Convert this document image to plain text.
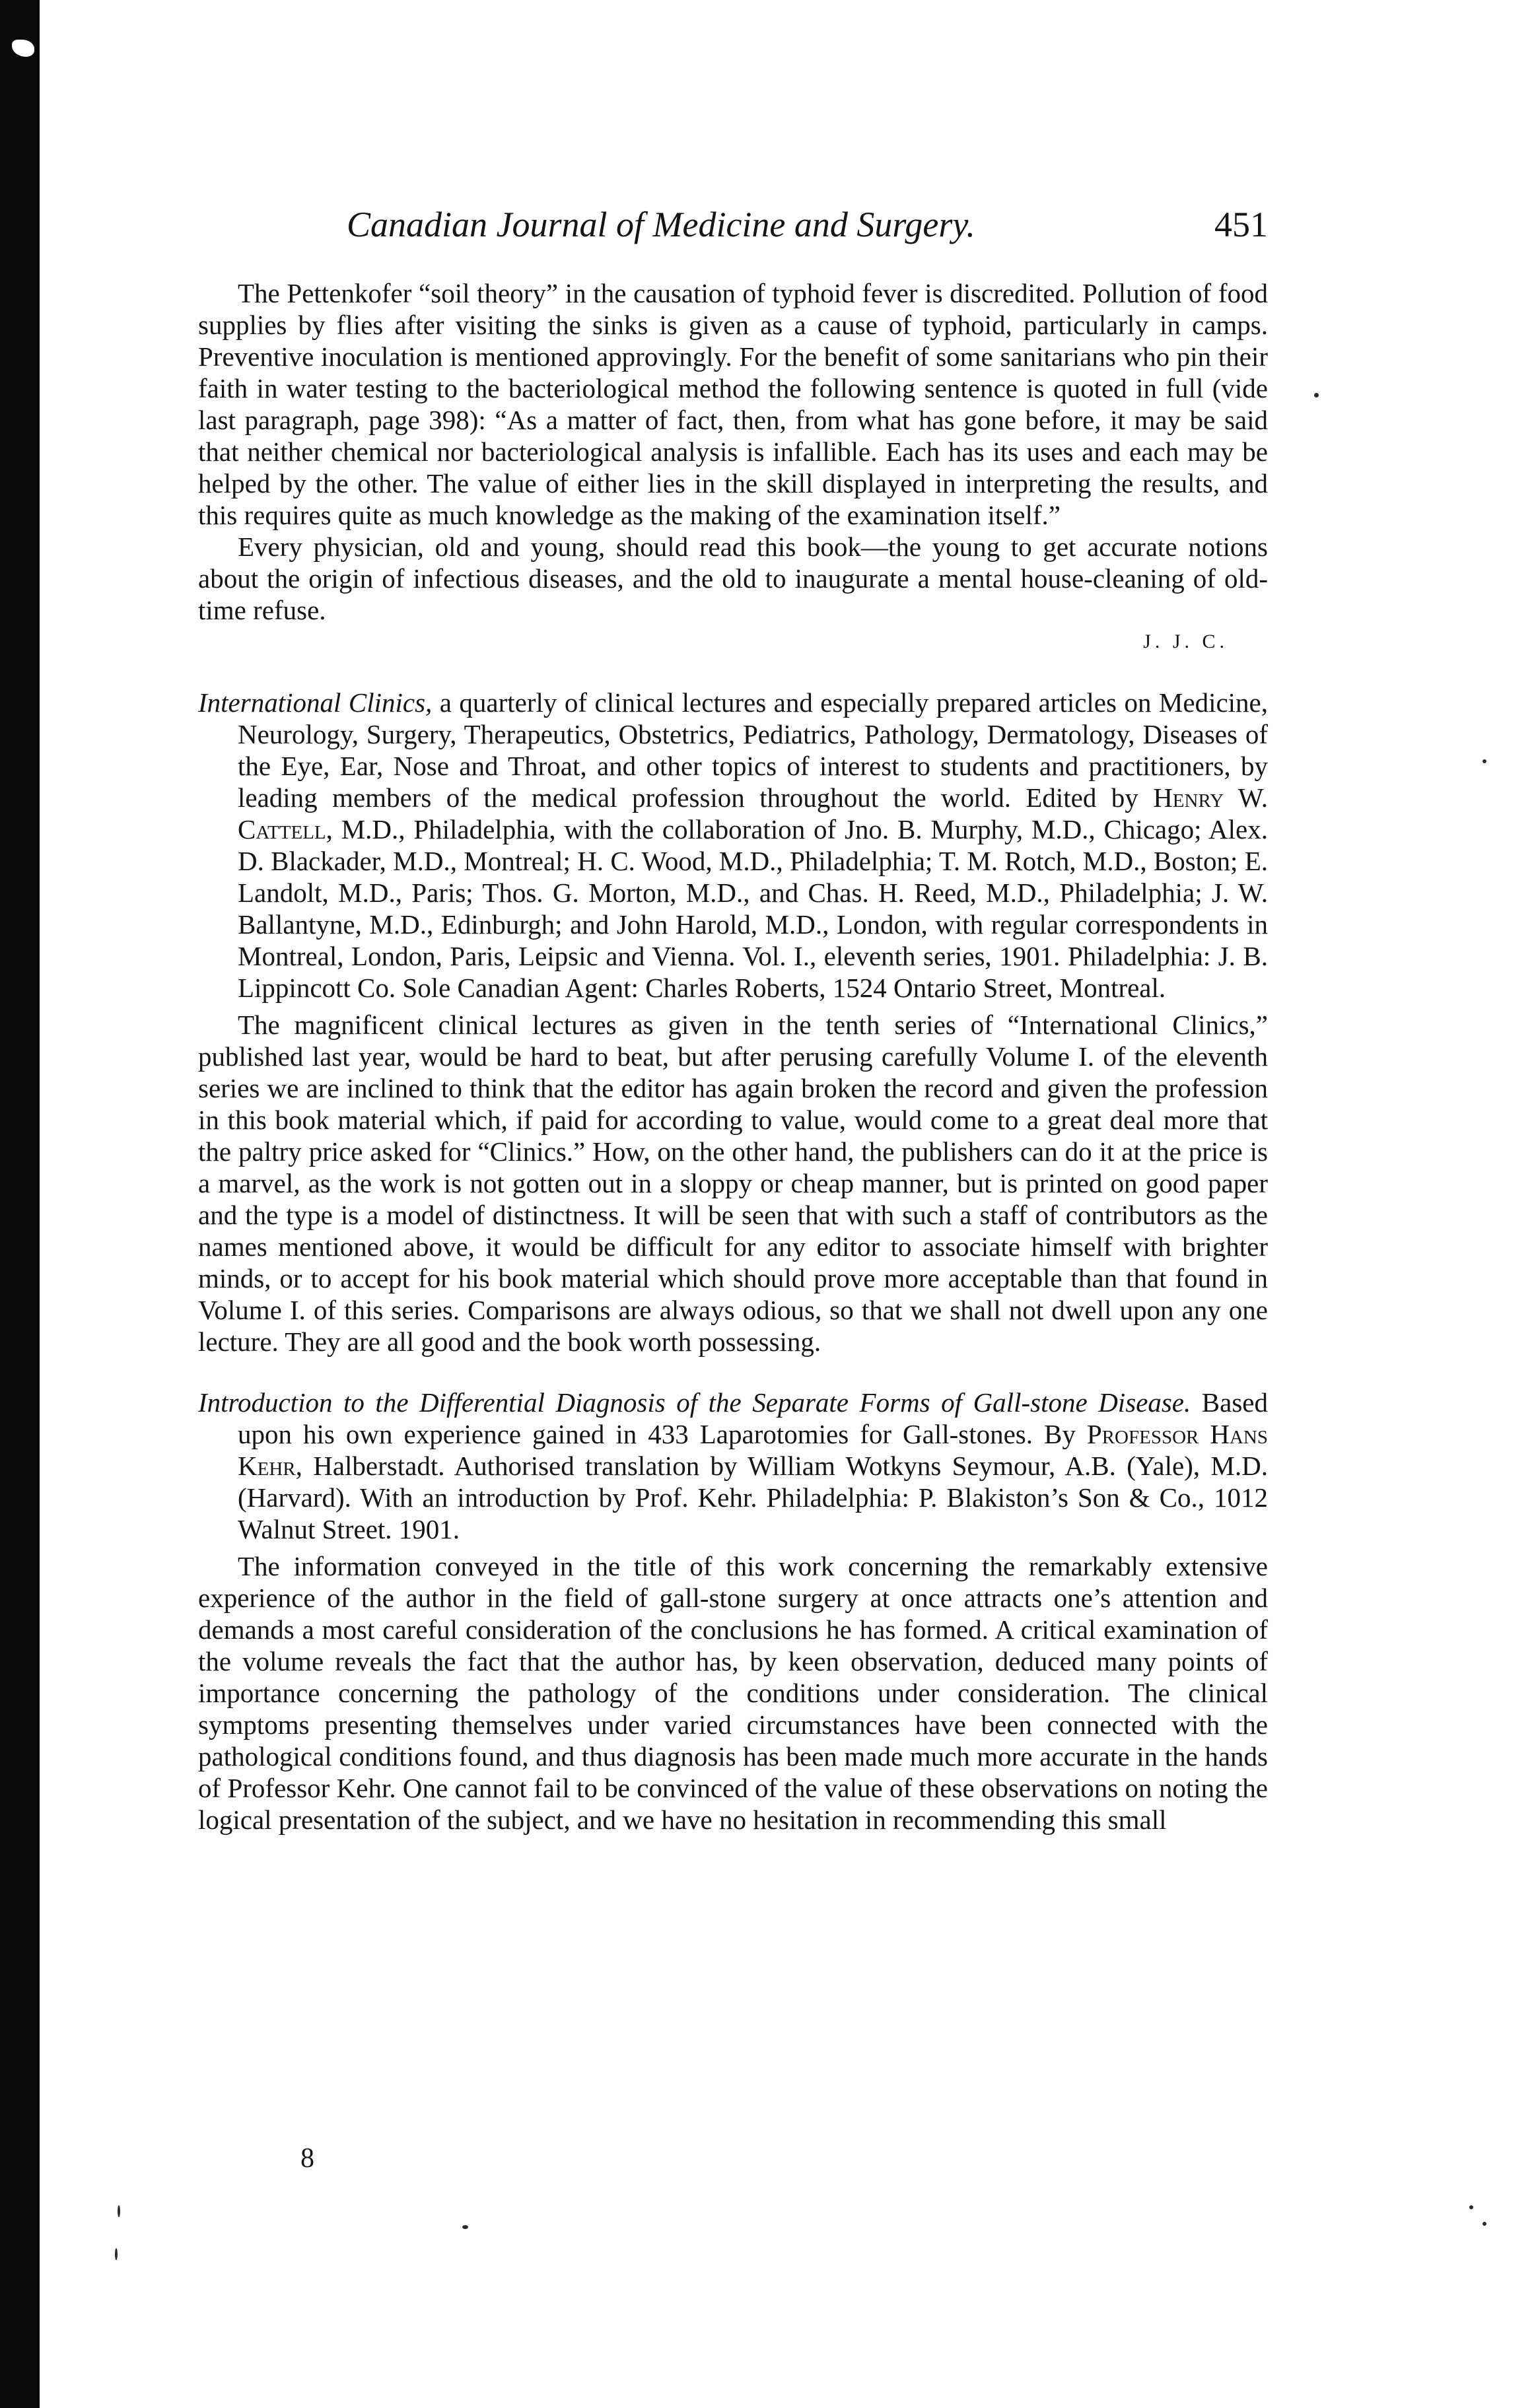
Canadian Journal of Medicine and Surgery.	451

The Pettenkofer “soil theory” in the causation of typhoid fever is discredited. Pollution of food supplies by flies after visiting the sinks is given as a cause of typhoid, particularly in camps. Preventive inoculation is mentioned approvingly. For the benefit of some sanitarians who pin their faith in water testing to the bacteriological method the following sentence is quoted in full (vide last paragraph, page 398): “As a matter of fact, then, from what has gone before, it may be said that neither chemical nor bacteriological analysis is infallible. Each has its uses and each may be helped by the other. The value of either lies in the skill displayed in interpreting the results, and this requires quite as much knowledge as the making of the examination itself.”

Every physician, old and young, should read this book—the young to get accurate notions about the origin of infectious diseases, and the old to inaugurate a mental house-cleaning of old-time refuse.

J. J. C.

International Clinics, a quarterly of clinical lectures and especially prepared articles on Medicine, Neurology, Surgery, Therapeutics, Obstetrics, Pediatrics, Pathology, Dermatology, Diseases of the Eye, Ear, Nose and Throat, and other topics of interest to students and practitioners, by leading members of the medical profession throughout the world. Edited by Henry W. Cattell, M.D., Philadelphia, with the collaboration of Jno. B. Murphy, M.D., Chicago; Alex. D. Blackader, M.D., Montreal; H. C. Wood, M.D., Philadelphia; T. M. Rotch, M.D., Boston; E. Landolt, M.D., Paris; Thos. G. Morton, M.D., and Chas. H. Reed, M.D., Philadelphia; J. W. Ballantyne, M.D., Edinburgh; and John Harold, M.D., London, with regular correspondents in Montreal, London, Paris, Leipsic and Vienna. Vol. I., eleventh series, 1901. Philadelphia: J. B. Lippincott Co. Sole Canadian Agent: Charles Roberts, 1524 Ontario Street, Montreal.

The magnificent clinical lectures as given in the tenth series of “International Clinics,” published last year, would be hard to beat, but after perusing carefully Volume I. of the eleventh series we are inclined to think that the editor has again broken the record and given the profession in this book material which, if paid for according to value, would come to a great deal more that the paltry price asked for “Clinics.” How, on the other hand, the publishers can do it at the price is a marvel, as the work is not gotten out in a sloppy or cheap manner, but is printed on good paper and the type is a model of distinctness. It will be seen that with such a staff of contributors as the names mentioned above, it would be difficult for any editor to associate himself with brighter minds, or to accept for his book material which should prove more acceptable than that found in Volume I. of this series. Comparisons are always odious, so that we shall not dwell upon any one lecture. They are all good and the book worth possessing.

Introduction to the Differential Diagnosis of the Separate Forms of Gall-stone Disease. Based upon his own experience gained in 433 Laparotomies for Gall-stones. By Professor Hans Kehr, Halberstadt. Authorised translation by William Wotkyns Seymour, A.B. (Yale), M.D. (Harvard). With an introduction by Prof. Kehr. Philadelphia: P. Blakiston’s Son & Co., 1012 Walnut Street. 1901.

The information conveyed in the title of this work concerning the remarkably extensive experience of the author in the field of gall-stone surgery at once attracts one’s attention and demands a most careful consideration of the conclusions he has formed. A critical examination of the volume reveals the fact that the author has, by keen observation, deduced many points of importance concerning the pathology of the conditions under consideration. The clinical symptoms presenting themselves under varied circumstances have been connected with the pathological conditions found, and thus diagnosis has been made much more accurate in the hands of Professor Kehr. One cannot fail to be convinced of the value of these observations on noting the logical presentation of the subject, and we have no hesitation in recommending this small

8
